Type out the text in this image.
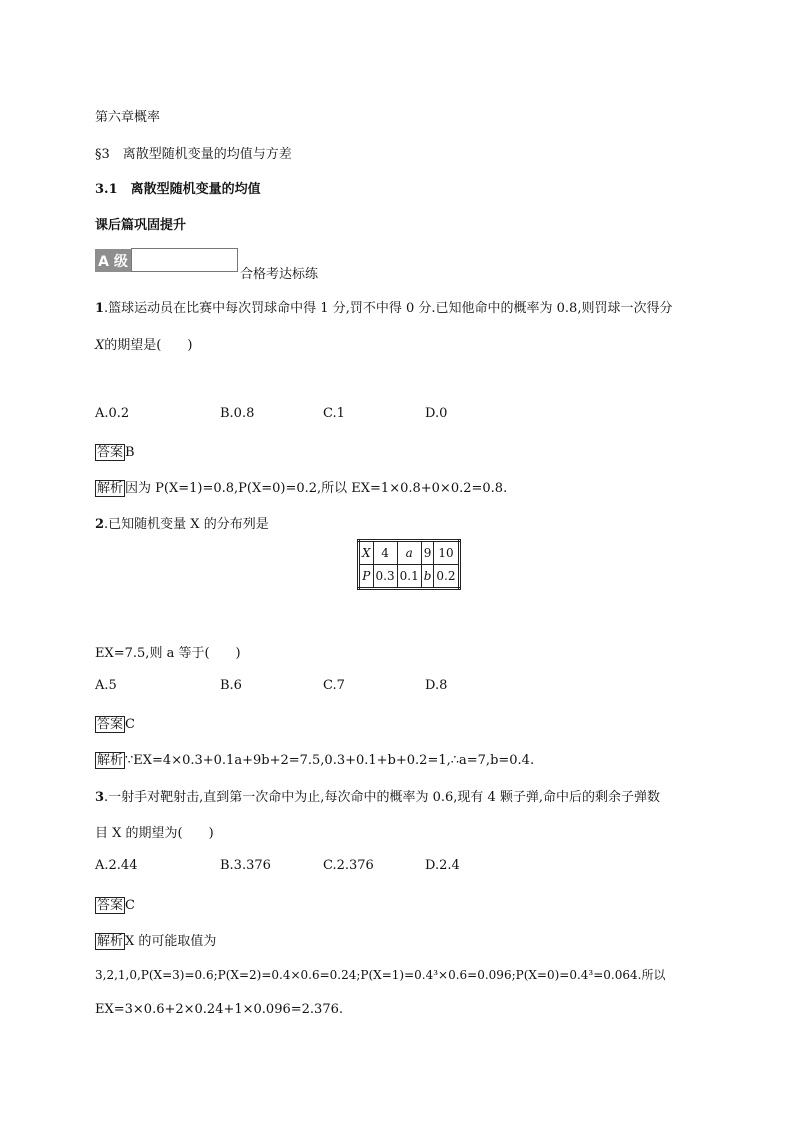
第六章概率
§3　离散型随机变量的均值与方差
3.1　离散型随机变量的均值
课后篇巩固提升
A 级
合格考达标练
1.篮球运动员在比赛中每次罚球命中得 1 分,罚不中得 0 分.已知他命中的概率为 0.8,则罚球一次得分
X的期望是(　　)
A.0.2	B.0.8	C.1	D.0
答案 B
解析 因为 P(X=1)=0.8,P(X=0)=0.2,所以 EX=1×0.8+0×0.2=0.8.
2.已知随机变量 X 的分布列是
X	4	a	9	10
P	0.3	0.1	b	0.2
EX=7.5,则 a 等于(　　)
A.5	B.6	C.7	D.8
答案 C
解析 ∵EX=4×0.3+0.1a+9b+2=7.5,0.3+0.1+b+0.2=1,∴a=7,b=0.4.
3.一射手对靶射击,直到第一次命中为止,每次命中的概率为 0.6,现有 4 颗子弹,命中后的剩余子弹数
目 X 的期望为(　　)
A.2.44	B.3.376	C.2.376	D.2.4
答案 C
解析 X 的可能取值为
3,2,1,0,P(X=3)=0.6;P(X=2)=0.4×0.6=0.24;P(X=1)=0.4³×0.6=0.096;P(X=0)=0.4³=0.064.所以
EX=3×0.6+2×0.24+1×0.096=2.376.
